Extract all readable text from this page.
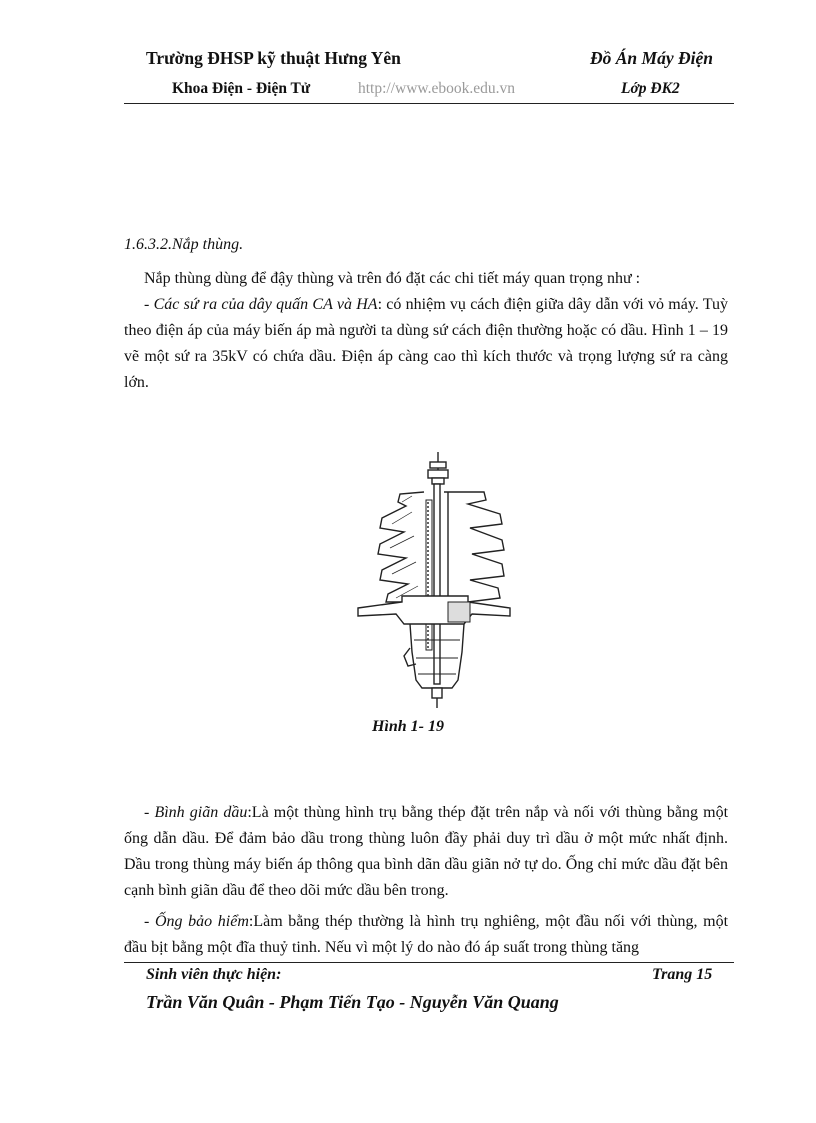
Trường ĐHSP kỹ thuật Hưng Yên	Đồ Án Máy Điện
Khoa Điện - Điện Tử	http://www.ebook.edu.vn	Lớp ĐK2
1.6.3.2.Nắp thùng.
Nắp thùng dùng để đậy thùng và trên đó đặt các chi tiết máy quan trọng như :
- Các sứ ra của dây quấn CA và HA: có nhiệm vụ cách điện giữa dây dẫn với vỏ máy. Tuỳ theo điện áp của máy biến áp mà người ta dùng sứ cách điện thường hoặc có dầu. Hình 1 – 19 vẽ một sứ ra 35kV có chứa dầu. Điện áp càng cao thì kích thước và trọng lượng sứ ra càng lớn.
Hình 1- 19
- Bình giãn dầu:Là một thùng hình trụ bằng thép đặt trên nắp và nối với thùng bằng một ống dẫn dầu. Để đảm bảo dầu trong thùng luôn đầy phải duy trì dầu ở một mức nhất định. Dầu trong thùng máy biến áp thông qua bình dãn dầu giãn nở tự do. Ống chỉ mức dầu đặt bên cạnh bình giãn dầu để theo dõi mức dầu bên trong.
- Ống bảo hiểm:Làm bằng thép thường là hình trụ nghiêng, một đầu nối với thùng, một đầu bịt bằng một đĩa thuỷ tinh. Nếu vì một lý do nào đó áp suất trong thùng tăng
Sinh viên thực hiện:	Trang 15
Trần Văn Quân - Phạm Tiến Tạo - Nguyễn Văn Quang
